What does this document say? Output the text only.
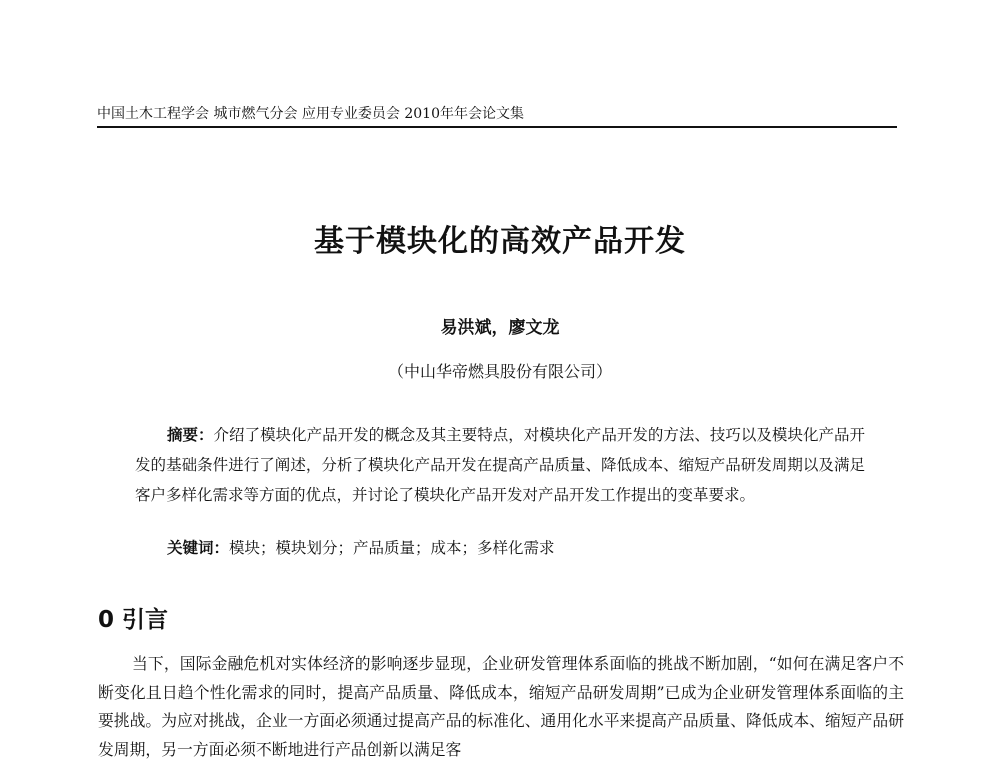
中国土木工程学会 城市燃气分会 应用专业委员会 2010年年会论文集
基于模块化的高效产品开发
易洪斌，廖文龙
（中山华帝燃具股份有限公司）

摘要：介绍了模块化产品开发的概念及其主要特点，对模块化产品开发的方法、技巧以及模块化产品开发的基础条件进行了阐述，分析了模块化产品开发在提高产品质量、降低成本、缩短产品研发周期以及满足客户多样化需求等方面的优点，并讨论了模块化产品开发对产品开发工作提出的变革要求。

关键词：模块；模块划分；产品质量；成本；多样化需求
0 引言

当下，国际金融危机对实体经济的影响逐步显现，企业研发管理体系面临的挑战不断加剧，“如何在满足客户不断变化且日趋个性化需求的同时，提高产品质量、降低成本，缩短产品研发周期”已成为企业研发管理体系面临的主要挑战。为应对挑战，企业一方面必须通过提高产品的标准化、通用化水平来提高产品质量、降低成本、缩短产品研发周期，另一方面必须不断地进行产品创新以满足客
